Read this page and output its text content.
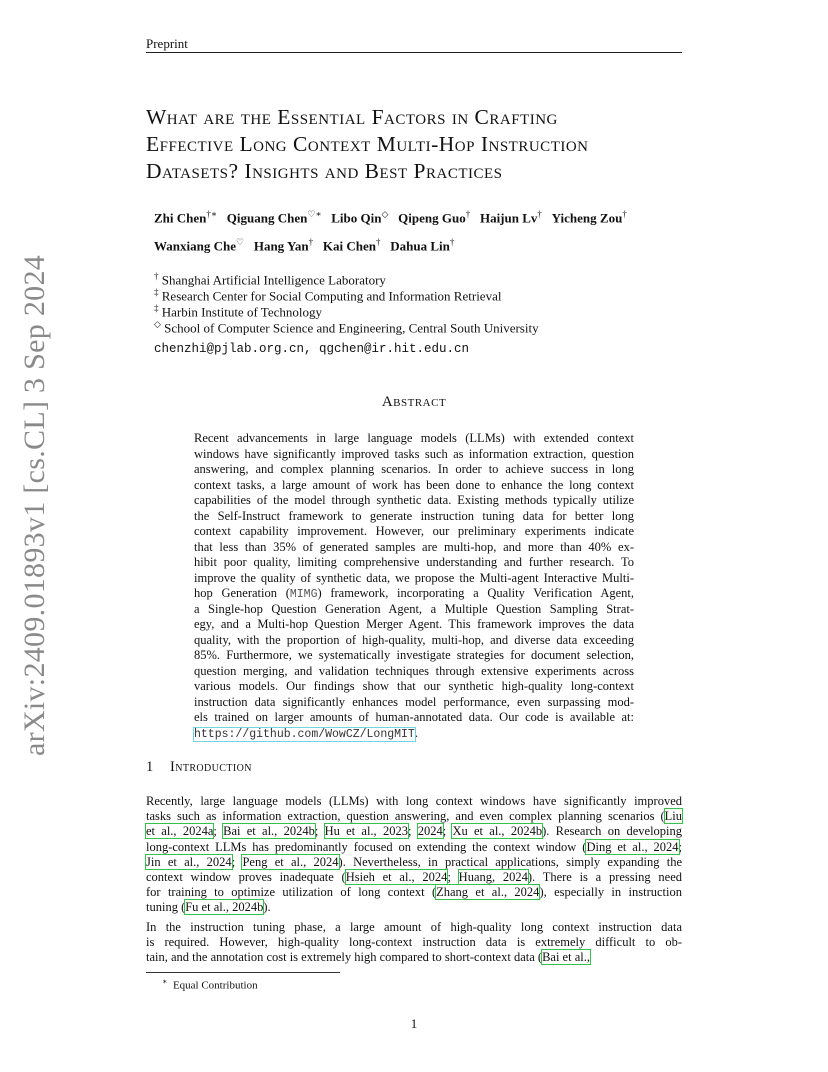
Preprint
arXiv:2409.01893v1 [cs.CL] 3 Sep 2024
What are the Essential Factors in Crafting
Effective Long Context Multi-Hop Instruction
Datasets? Insights and Best Practices
Zhi Chen†∗ Qiguang Chen♡∗ Libo Qin◇ Qipeng Guo† Haijun Lv† Yicheng Zou†
Wanxiang Che♡ Hang Yan† Kai Chen† Dahua Lin†
† Shanghai Artificial Intelligence Laboratory
‡ Research Center for Social Computing and Information Retrieval
‡ Harbin Institute of Technology
◇ School of Computer Science and Engineering, Central South University
chenzhi@pjlab.org.cn, qgchen@ir.hit.edu.cn
Abstract
Recent advancements in large language models (LLMs) with extended context
windows have significantly improved tasks such as information extraction, question
answering, and complex planning scenarios. In order to achieve success in long
context tasks, a large amount of work has been done to enhance the long context
capabilities of the model through synthetic data. Existing methods typically utilize
the Self-Instruct framework to generate instruction tuning data for better long
context capability improvement. However, our preliminary experiments indicate
that less than 35% of generated samples are multi-hop, and more than 40% ex-
hibit poor quality, limiting comprehensive understanding and further research. To
improve the quality of synthetic data, we propose the Multi-agent Interactive Multi-
hop Generation (MIMG) framework, incorporating a Quality Verification Agent,
a Single-hop Question Generation Agent, a Multiple Question Sampling Strat-
egy, and a Multi-hop Question Merger Agent. This framework improves the data
quality, with the proportion of high-quality, multi-hop, and diverse data exceeding
85%. Furthermore, we systematically investigate strategies for document selection,
question merging, and validation techniques through extensive experiments across
various models. Our findings show that our synthetic high-quality long-context
instruction data significantly enhances model performance, even surpassing mod-
els trained on larger amounts of human-annotated data. Our code is available at:
https://github.com/WowCZ/LongMIT.
1 Introduction
Recently, large language models (LLMs) with long context windows have significantly improved
tasks such as information extraction, question answering, and even complex planning scenarios (Liu
et al., 2024a; Bai et al., 2024b; Hu et al., 2023; 2024; Xu et al., 2024b). Research on developing
long-context LLMs has predominantly focused on extending the context window (Ding et al., 2024;
Jin et al., 2024; Peng et al., 2024). Nevertheless, in practical applications, simply expanding the
context window proves inadequate (Hsieh et al., 2024; Huang, 2024). There is a pressing need
for training to optimize utilization of long context (Zhang et al., 2024), especially in instruction
tuning (Fu et al., 2024b).
In the instruction tuning phase, a large amount of high-quality long context instruction data
is required. However, high-quality long-context instruction data is extremely difficult to ob-
tain, and the annotation cost is extremely high compared to short-context data (Bai et al.,
∗ Equal Contribution
1
